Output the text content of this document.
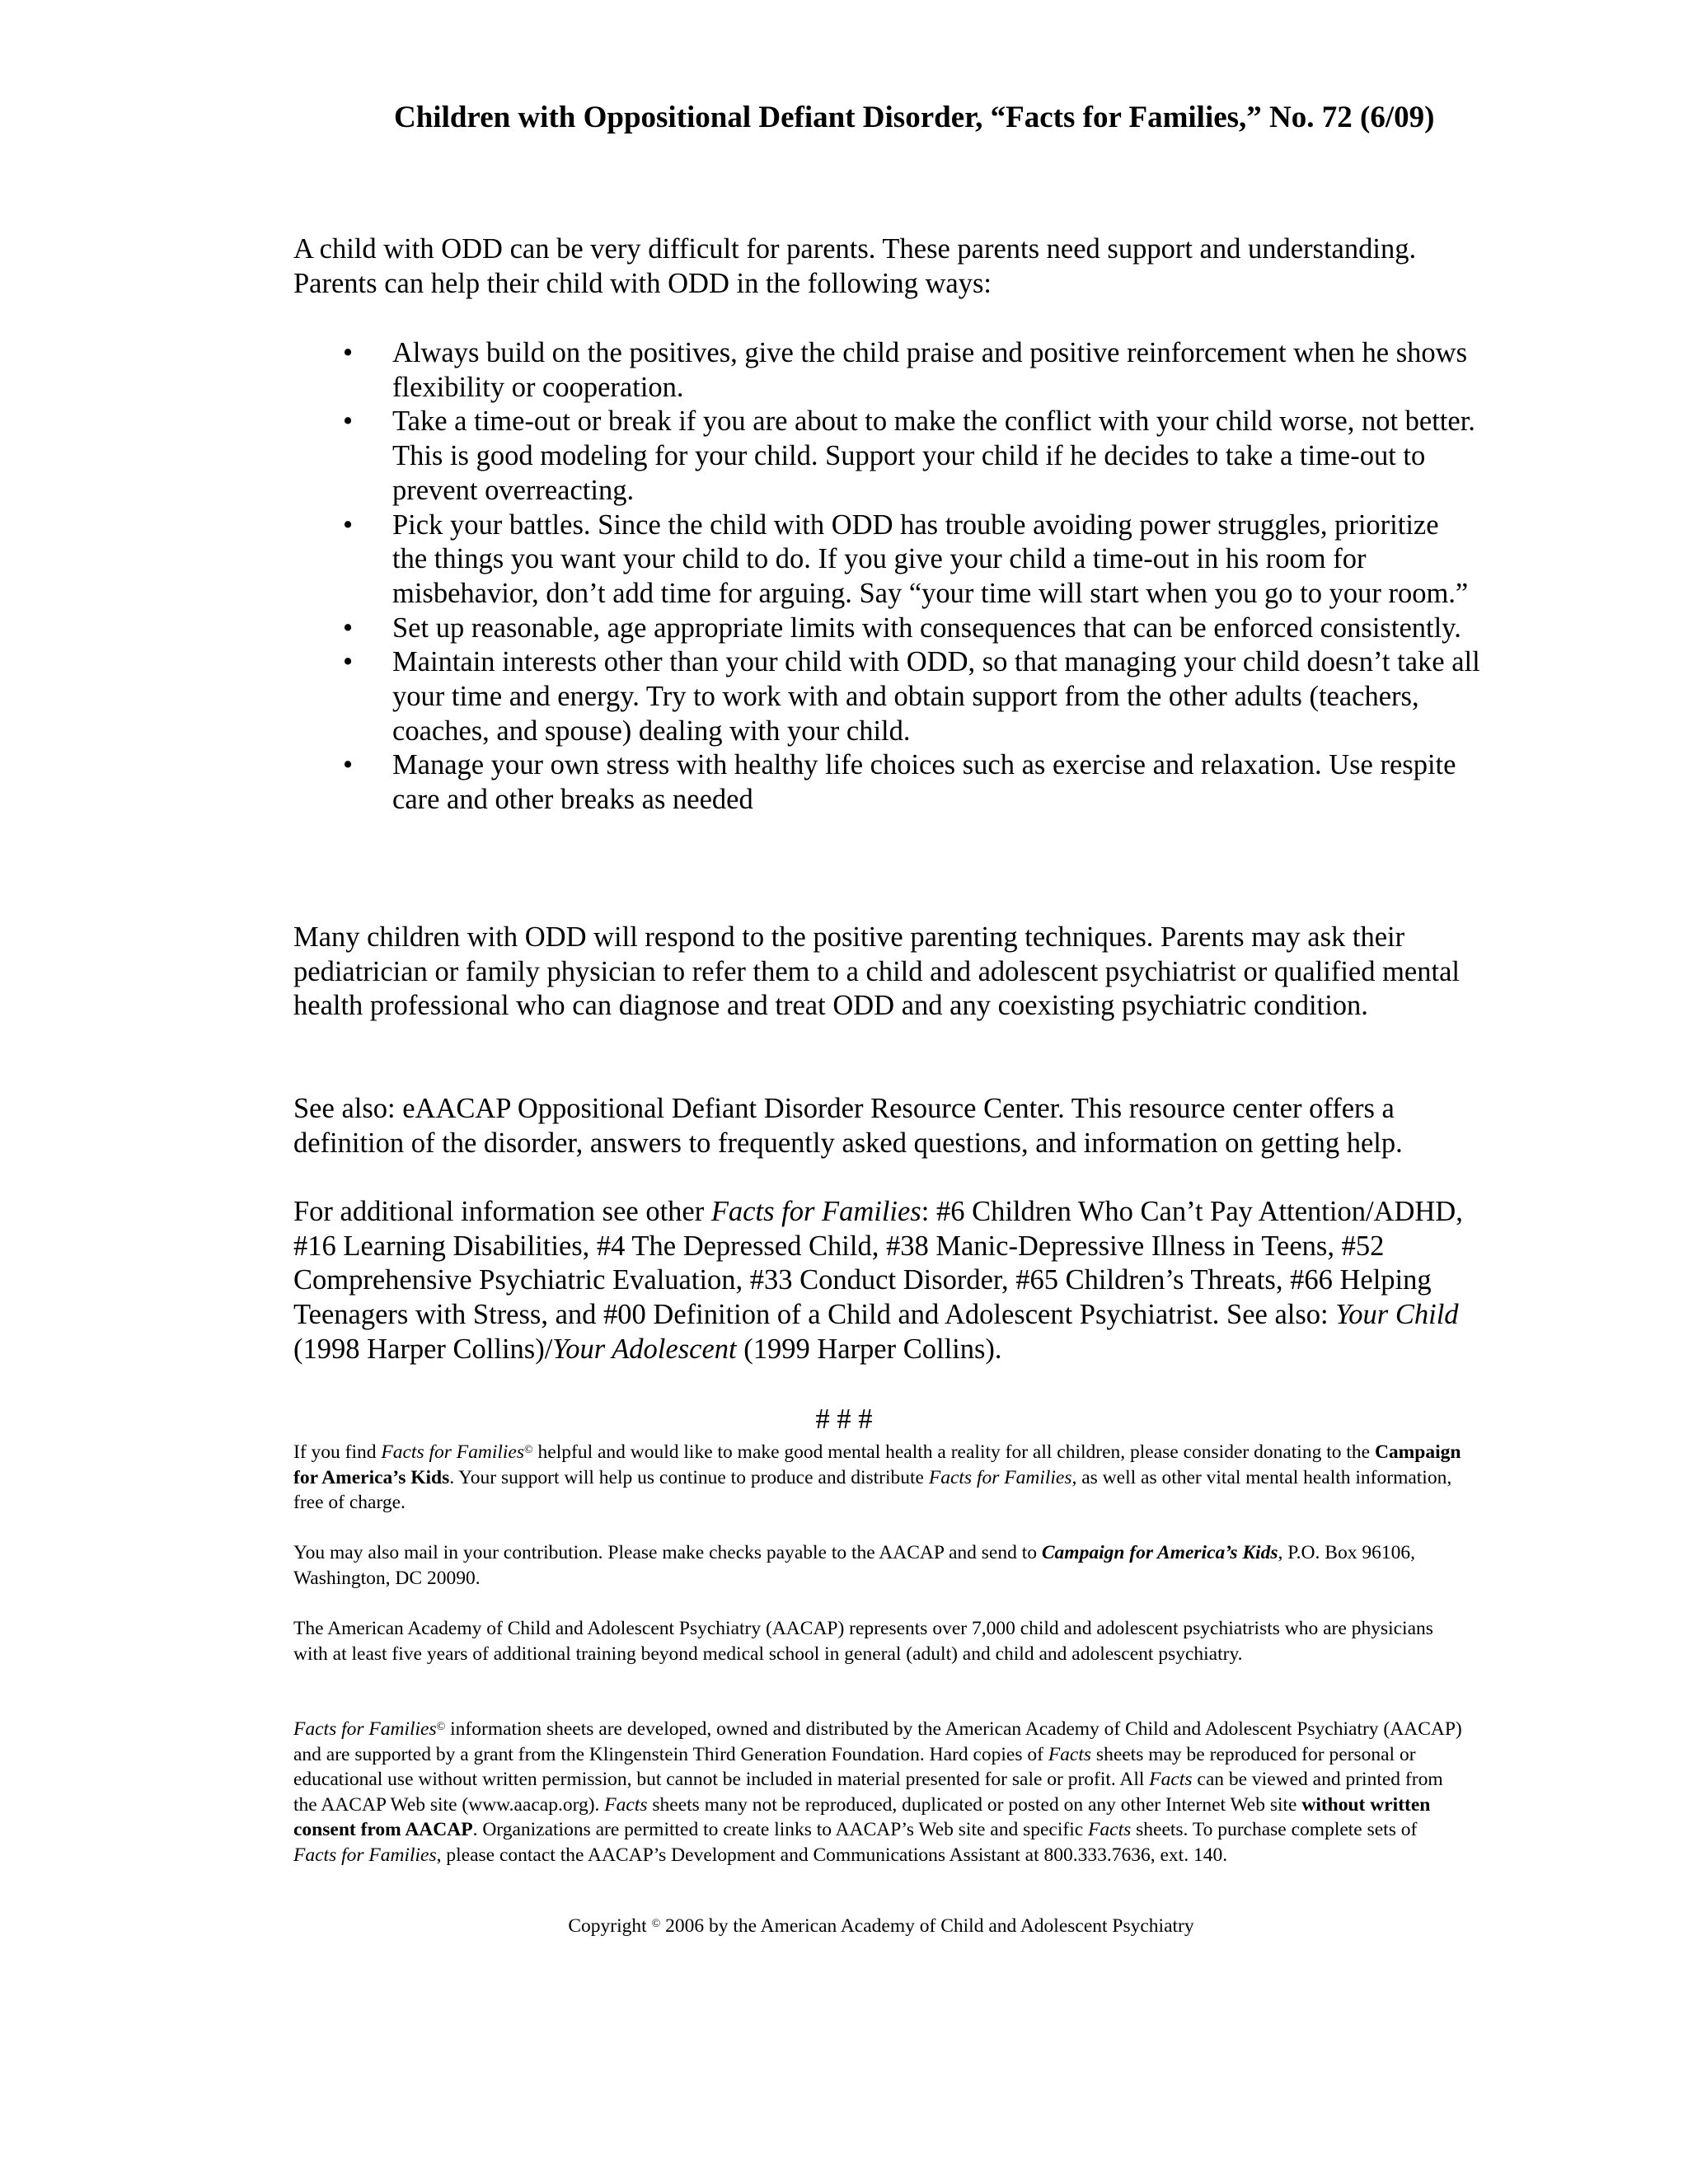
Children with Oppositional Defiant Disorder, “Facts for Families,” No. 72 (6/09)

A child with ODD can be very difficult for parents. These parents need support and understanding. Parents can help their child with ODD in the following ways:

• Always build on the positives, give the child praise and positive reinforcement when he shows flexibility or cooperation.
• Take a time-out or break if you are about to make the conflict with your child worse, not better. This is good modeling for your child. Support your child if he decides to take a time-out to prevent overreacting.
• Pick your battles. Since the child with ODD has trouble avoiding power struggles, prioritize the things you want your child to do. If you give your child a time-out in his room for misbehavior, don’t add time for arguing. Say “your time will start when you go to your room.”
• Set up reasonable, age appropriate limits with consequences that can be enforced consistently.
• Maintain interests other than your child with ODD, so that managing your child doesn’t take all your time and energy. Try to work with and obtain support from the other adults (teachers, coaches, and spouse) dealing with your child.
• Manage your own stress with healthy life choices such as exercise and relaxation. Use respite care and other breaks as needed

Many children with ODD will respond to the positive parenting techniques. Parents may ask their pediatrician or family physician to refer them to a child and adolescent psychiatrist or qualified mental health professional who can diagnose and treat ODD and any coexisting psychiatric condition.

See also: eAACAP Oppositional Defiant Disorder Resource Center. This resource center offers a definition of the disorder, answers to frequently asked questions, and information on getting help.

For additional information see other Facts for Families: #6 Children Who Can’t Pay Attention/ADHD, #16 Learning Disabilities, #4 The Depressed Child, #38 Manic-Depressive Illness in Teens, #52 Comprehensive Psychiatric Evaluation, #33 Conduct Disorder, #65 Children’s Threats, #66 Helping Teenagers with Stress, and #00 Definition of a Child and Adolescent Psychiatrist. See also: Your Child (1998 Harper Collins)/Your Adolescent (1999 Harper Collins).

# # #

If you find Facts for Families© helpful and would like to make good mental health a reality for all children, please consider donating to the Campaign for America’s Kids. Your support will help us continue to produce and distribute Facts for Families, as well as other vital mental health information, free of charge.

You may also mail in your contribution. Please make checks payable to the AACAP and send to Campaign for America’s Kids, P.O. Box 96106, Washington, DC 20090.

The American Academy of Child and Adolescent Psychiatry (AACAP) represents over 7,000 child and adolescent psychiatrists who are physicians with at least five years of additional training beyond medical school in general (adult) and child and adolescent psychiatry.

Facts for Families© information sheets are developed, owned and distributed by the American Academy of Child and Adolescent Psychiatry (AACAP) and are supported by a grant from the Klingenstein Third Generation Foundation. Hard copies of Facts sheets may be reproduced for personal or educational use without written permission, but cannot be included in material presented for sale or profit. All Facts can be viewed and printed from the AACAP Web site (www.aacap.org). Facts sheets many not be reproduced, duplicated or posted on any other Internet Web site without written consent from AACAP. Organizations are permitted to create links to AACAP’s Web site and specific Facts sheets. To purchase complete sets of Facts for Families, please contact the AACAP’s Development and Communications Assistant at 800.333.7636, ext. 140.

Copyright © 2006 by the American Academy of Child and Adolescent Psychiatry
